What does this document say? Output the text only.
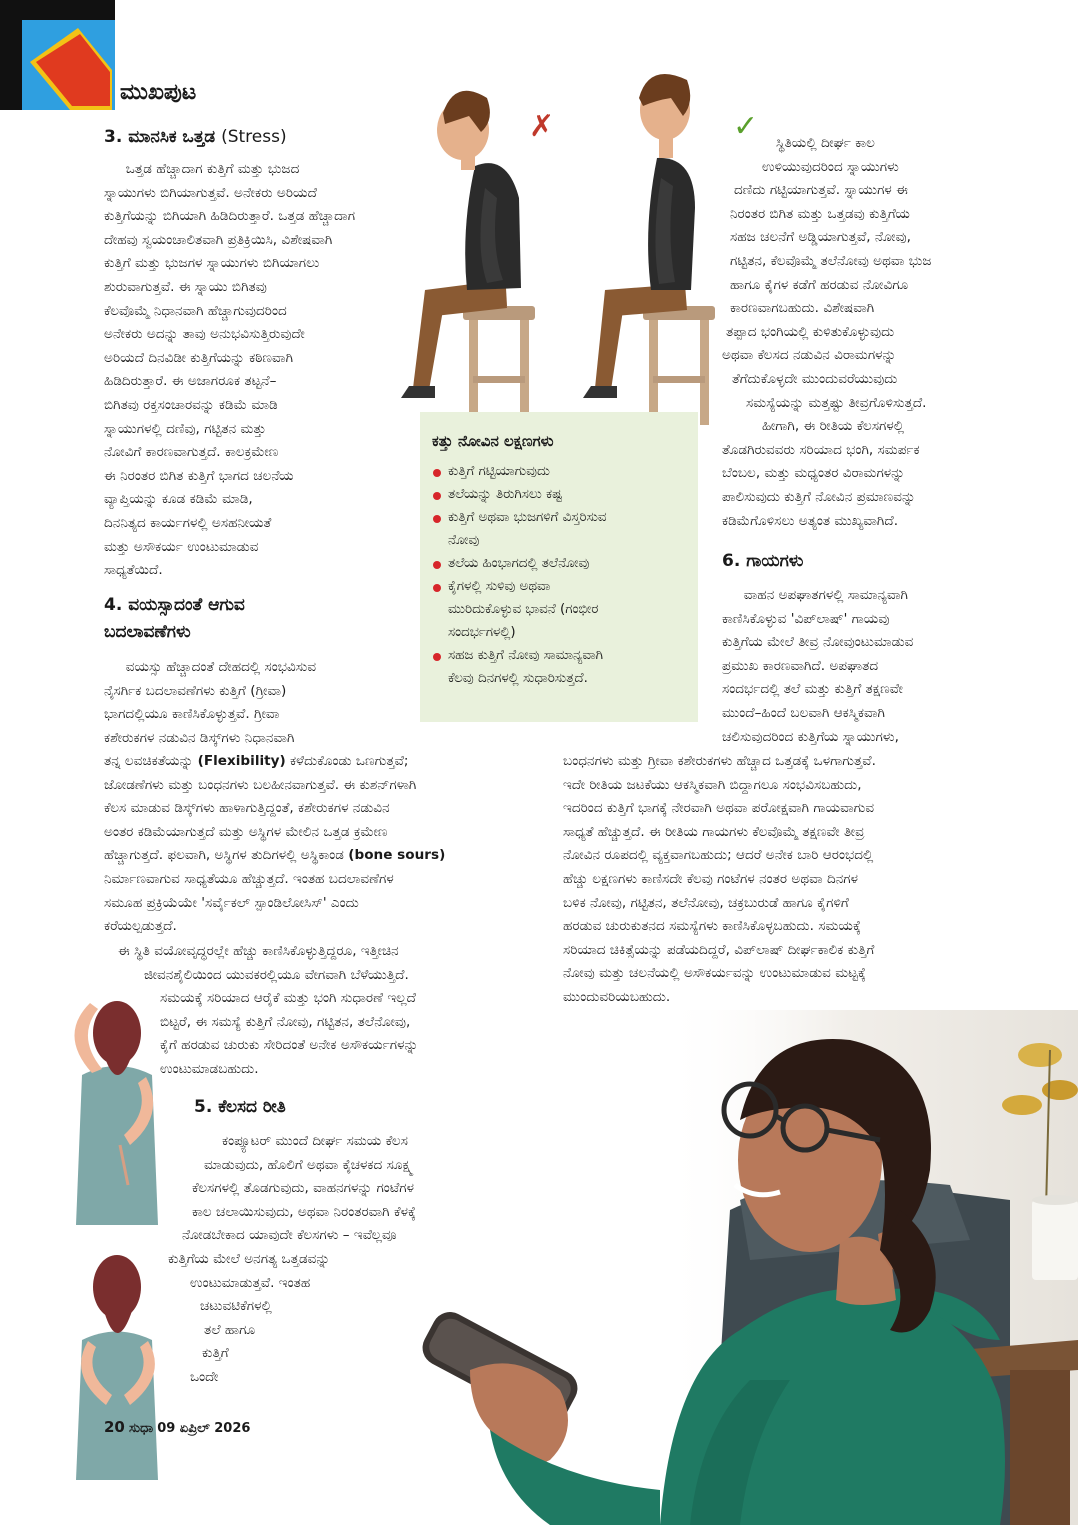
ಮುಖಪುಟ
✗	✓
3. ಮಾನಸಿಕ ಒತ್ತಡ (Stress)

ಒತ್ತಡ ಹೆಚ್ಚಾದಾಗ ಕುತ್ತಿಗೆ ಮತ್ತು ಭುಜದ

ಸ್ನಾಯುಗಳು ಬಿಗಿಯಾಗುತ್ತವೆ. ಅನೇಕರು ಅರಿಯದೆ

ಕುತ್ತಿಗೆಯನ್ನು ಬಿಗಿಯಾಗಿ ಹಿಡಿದಿರುತ್ತಾರೆ. ಒತ್ತಡ ಹೆಚ್ಚಾದಾಗ

ದೇಹವು ಸ್ವಯಂಚಾಲಿತವಾಗಿ ಪ್ರತಿಕ್ರಿಯಿಸಿ, ವಿಶೇಷವಾಗಿ

ಕುತ್ತಿಗೆ ಮತ್ತು ಭುಜಗಳ ಸ್ನಾಯುಗಳು ಬಿಗಿಯಾಗಲು

ಶುರುವಾಗುತ್ತವೆ. ಈ ಸ್ನಾಯು ಬಿಗಿತವು

ಕೆಲವೊಮ್ಮೆ ನಿಧಾನವಾಗಿ ಹೆಚ್ಚಾಗುವುದರಿಂದ

ಅನೇಕರು ಅದನ್ನು ತಾವು ಅನುಭವಿಸುತ್ತಿರುವುದೇ

ಅರಿಯದೆ ದಿನವಿಡೀ ಕುತ್ತಿಗೆಯನ್ನು ಕಠಿಣವಾಗಿ

ಹಿಡಿದಿರುತ್ತಾರೆ. ಈ ಅಜಾಗರೂಕ ತಟ್ಟನೆ–

ಬಿಗಿತವು ರಕ್ತಸಂಚಾರವನ್ನು ಕಡಿಮೆ ಮಾಡಿ

ಸ್ನಾಯುಗಳಲ್ಲಿ ದಣಿವು, ಗಟ್ಟಿತನ ಮತ್ತು

ನೋವಿಗೆ ಕಾರಣವಾಗುತ್ತದೆ. ಕಾಲಕ್ರಮೇಣ

ಈ ನಿರಂತರ ಬಿಗಿತ ಕುತ್ತಿಗೆ ಭಾಗದ ಚಲನೆಯ

ವ್ಯಾಪ್ತಿಯನ್ನು ಕೂಡ ಕಡಿಮೆ ಮಾಡಿ,

ದಿನನಿತ್ಯದ ಕಾರ್ಯಗಳಲ್ಲಿ ಅಸಹನೀಯತೆ

ಮತ್ತು ಅಸೌಕರ್ಯ ಉಂಟುಮಾಡುವ

ಸಾಧ್ಯತೆಯಿದೆ.

4. ವಯಸ್ಸಾದಂತೆ ಆಗುವ
ಬದಲಾವಣೆಗಳು

ವಯಸ್ಸು ಹೆಚ್ಚಾದಂತೆ ದೇಹದಲ್ಲಿ ಸಂಭವಿಸುವ

ನೈಸರ್ಗಿಕ ಬದಲಾವಣೆಗಳು ಕುತ್ತಿಗೆ (ಗ್ರೀವಾ)

ಭಾಗದಲ್ಲಿಯೂ ಕಾಣಿಸಿಕೊಳ್ಳುತ್ತವೆ. ಗ್ರೀವಾ

ಕಶೇರುಕಗಳ ನಡುವಿನ ಡಿಸ್ಕ್‌ಗಳು ನಿಧಾನವಾಗಿ

ತನ್ನ ಲವಚಿಕತೆಯನ್ನು (Flexibility) ಕಳೆದುಕೊಂಡು ಒಣಗುತ್ತವೆ;

ಜೋಡಣೆಗಳು ಮತ್ತು ಬಂಧನಗಳು ಬಲಹೀನವಾಗುತ್ತವೆ. ಈ ಕುಶನ್‌ಗಳಾಗಿ

ಕೆಲಸ ಮಾಡುವ ಡಿಸ್ಕ್‌ಗಳು ಹಾಳಾಗುತ್ತಿದ್ದಂತೆ, ಕಶೇರುಕಗಳ ನಡುವಿನ

ಅಂತರ ಕಡಿಮೆಯಾಗುತ್ತದೆ ಮತ್ತು ಅಸ್ಥಿಗಳ ಮೇಲಿನ ಒತ್ತಡ ಕ್ರಮೇಣ

ಹೆಚ್ಚಾಗುತ್ತದೆ. ಫಲವಾಗಿ, ಅಸ್ಥಿಗಳ ತುದಿಗಳಲ್ಲಿ ಅಸ್ಥಿಕಾಂಡ (bone sours)

ನಿರ್ಮಾಣವಾಗುವ ಸಾಧ್ಯತೆಯೂ ಹೆಚ್ಚುತ್ತದೆ. ಇಂತಹ ಬದಲಾವಣೆಗಳ

ಸಮೂಹ ಪ್ರಕ್ರಿಯೆಯೇ 'ಸರ್ವೈಕಲ್ ಸ್ಪಾಂಡಿಲೋಸಿಸ್' ಎಂದು

ಕರೆಯಲ್ಪಡುತ್ತದೆ.

ಈ ಸ್ಥಿತಿ ವಯೋವೃದ್ಧರಲ್ಲೇ ಹೆಚ್ಚು ಕಾಣಿಸಿಕೊಳ್ಳುತ್ತಿದ್ದರೂ, ಇತ್ತೀಚಿನ

ಜೀವನಶೈಲಿಯಿಂದ ಯುವಕರಲ್ಲಿಯೂ ವೇಗವಾಗಿ ಬೆಳೆಯುತ್ತಿದೆ.

ಸಮಯಕ್ಕೆ ಸರಿಯಾದ ಆರೈಕೆ ಮತ್ತು ಭಂಗಿ ಸುಧಾರಣೆ ಇಲ್ಲದೆ

ಬಿಟ್ಟರೆ, ಈ ಸಮಸ್ಯೆ ಕುತ್ತಿಗೆ ನೋವು, ಗಟ್ಟಿತನ, ತಲೆನೋವು,

ಕೈಗೆ ಹರಡುವ ಚುರುಕು ಸೇರಿದಂತೆ ಅನೇಕ ಅಸೌಕರ್ಯಗಳನ್ನು

ಉಂಟುಮಾಡಬಹುದು.

5. ಕೆಲಸದ ರೀತಿ

ಕಂಪ್ಯೂಟರ್ ಮುಂದೆ ದೀರ್ಘ ಸಮಯ ಕೆಲಸ

ಮಾಡುವುದು, ಹೊಲಿಗೆ ಅಥವಾ ಕೈಚಳಕದ ಸೂಕ್ಷ್ಮ

ಕೆಲಸಗಳಲ್ಲಿ ತೊಡಗುವುದು, ವಾಹನಗಳನ್ನು ಗಂಟೆಗಳ

ಕಾಲ ಚಲಾಯಿಸುವುದು, ಅಥವಾ ನಿರಂತರವಾಗಿ ಕೆಳಕ್ಕೆ

ನೋಡಬೇಕಾದ ಯಾವುದೇ ಕೆಲಸಗಳು – ಇವೆಲ್ಲವೂ

ಕುತ್ತಿಗೆಯ ಮೇಲೆ ಅನಗತ್ಯ ಒತ್ತಡವನ್ನು

ಉಂಟುಮಾಡುತ್ತವೆ. ಇಂತಹ

ಚಟುವಟಿಕೆಗಳಲ್ಲಿ

ತಲೆ ಹಾಗೂ

ಕುತ್ತಿಗೆ

ಒಂದೇ

ಕತ್ತು ನೋವಿನ ಲಕ್ಷಣಗಳು
ಕುತ್ತಿಗೆ ಗಟ್ಟಿಯಾಗುವುದು
ತಲೆಯನ್ನು ತಿರುಗಿಸಲು ಕಷ್ಟ
ಕುತ್ತಿಗೆ ಅಥವಾ ಭುಜಗಳಿಗೆ ವಿಸ್ತರಿಸುವ
ನೋವು
ತಲೆಯ ಹಿಂಭಾಗದಲ್ಲಿ ತಲೆನೋವು
ಕೈಗಳಲ್ಲಿ ಸುಳಿವು ಅಥವಾ
ಮುರಿದುಕೊಳ್ಳುವ ಭಾವನೆ (ಗಂಭೀರ
ಸಂದರ್ಭಗಳಲ್ಲಿ)
ಸಹಜ ಕುತ್ತಿಗೆ ನೋವು ಸಾಮಾನ್ಯವಾಗಿ
ಕೆಲವು ದಿನಗಳಲ್ಲಿ ಸುಧಾರಿಸುತ್ತದೆ.

ಸ್ಥಿತಿಯಲ್ಲಿ ದೀರ್ಘ ಕಾಲ

ಉಳಿಯುವುದರಿಂದ ಸ್ನಾಯುಗಳು

ದಣಿದು ಗಟ್ಟಿಯಾಗುತ್ತವೆ. ಸ್ನಾಯುಗಳ ಈ

ನಿರಂತರ ಬಿಗಿತ ಮತ್ತು ಒತ್ತಡವು ಕುತ್ತಿಗೆಯ

ಸಹಜ ಚಲನೆಗೆ ಅಡ್ಡಿಯಾಗುತ್ತವೆ, ನೋವು,

ಗಟ್ಟಿತನ, ಕೆಲವೊಮ್ಮೆ ತಲೆನೋವು ಅಥವಾ ಭುಜ

ಹಾಗೂ ಕೈಗಳ ಕಡೆಗೆ ಹರಡುವ ನೋವಿಗೂ

ಕಾರಣವಾಗಬಹುದು. ವಿಶೇಷವಾಗಿ

ತಪ್ಪಾದ ಭಂಗಿಯಲ್ಲಿ ಕುಳಿತುಕೊಳ್ಳುವುದು

ಅಥವಾ ಕೆಲಸದ ನಡುವಿನ ವಿರಾಮಗಳನ್ನು

ತೆಗೆದುಕೊಳ್ಳದೇ ಮುಂದುವರೆಯುವುದು

ಸಮಸ್ಯೆಯನ್ನು ಮತ್ತಷ್ಟು ತೀವ್ರಗೊಳಿಸುತ್ತದೆ.

ಹೀಗಾಗಿ, ಈ ರೀತಿಯ ಕೆಲಸಗಳಲ್ಲಿ

ತೊಡಗಿರುವವರು ಸರಿಯಾದ ಭಂಗಿ, ಸಮರ್ಪಕ

ಬೆಂಬಲ, ಮತ್ತು ಮಧ್ಯಂತರ ವಿರಾಮಗಳನ್ನು

ಪಾಲಿಸುವುದು ಕುತ್ತಿಗೆ ನೋವಿನ ಪ್ರಮಾಣವನ್ನು

ಕಡಿಮೆಗೊಳಿಸಲು ಅತ್ಯಂತ ಮುಖ್ಯವಾಗಿದೆ.

6. ಗಾಯಗಳು

ವಾಹನ ಅಪಘಾತಗಳಲ್ಲಿ ಸಾಮಾನ್ಯವಾಗಿ

ಕಾಣಿಸಿಕೊಳ್ಳುವ 'ವಿಪ್‌ಲಾಷ್' ಗಾಯವು

ಕುತ್ತಿಗೆಯ ಮೇಲೆ ತೀವ್ರ ನೋವುಂಟುಮಾಡುವ

ಪ್ರಮುಖ ಕಾರಣವಾಗಿದೆ. ಅಪಘಾತದ

ಸಂದರ್ಭದಲ್ಲಿ ತಲೆ ಮತ್ತು ಕುತ್ತಿಗೆ ತಕ್ಷಣವೇ

ಮುಂದೆ–ಹಿಂದೆ ಬಲವಾಗಿ ಆಕಸ್ಮಿಕವಾಗಿ

ಚಲಿಸುವುದರಿಂದ ಕುತ್ತಿಗೆಯ ಸ್ನಾಯುಗಳು,

ಬಂಧನಗಳು ಮತ್ತು ಗ್ರೀವಾ ಕಶೇರುಕಗಳು ಹೆಚ್ಚಾದ ಒತ್ತಡಕ್ಕೆ ಒಳಗಾಗುತ್ತವೆ.

ಇದೇ ರೀತಿಯ ಜಟಕೆಯು ಆಕಸ್ಮಿಕವಾಗಿ ಬಿದ್ದಾಗಲೂ ಸಂಭವಿಸಬಹುದು,

ಇದರಿಂದ ಕುತ್ತಿಗೆ ಭಾಗಕ್ಕೆ ನೇರವಾಗಿ ಅಥವಾ ಪರೋಕ್ಷವಾಗಿ ಗಾಯವಾಗುವ

ಸಾಧ್ಯತೆ ಹೆಚ್ಚುತ್ತದೆ. ಈ ರೀತಿಯ ಗಾಯಗಳು ಕೆಲವೊಮ್ಮೆ ತಕ್ಷಣವೇ ತೀವ್ರ

ನೋವಿನ ರೂಪದಲ್ಲಿ ವ್ಯಕ್ತವಾಗಬಹುದು; ಆದರೆ ಅನೇಕ ಬಾರಿ ಆರಂಭದಲ್ಲಿ

ಹೆಚ್ಚು ಲಕ್ಷಣಗಳು ಕಾಣಿಸದೇ ಕೆಲವು ಗಂಟೆಗಳ ನಂತರ ಅಥವಾ ದಿನಗಳ

ಬಳಿಕ ನೋವು, ಗಟ್ಟಿತನ, ತಲೆನೋವು, ಚಕ್ರಬುರುಡೆ ಹಾಗೂ ಕೈಗಳಿಗೆ

ಹರಡುವ ಚುರುಕುತನದ ಸಮಸ್ಯೆಗಳು ಕಾಣಿಸಿಕೊಳ್ಳಬಹುದು. ಸಮಯಕ್ಕೆ

ಸರಿಯಾದ ಚಿಕಿತ್ಸೆಯನ್ನು ಪಡೆಯದಿದ್ದರೆ, ವಿಪ್‌ಲಾಷ್ ದೀರ್ಘಕಾಲಿಕ ಕುತ್ತಿಗೆ

ನೋವು ಮತ್ತು ಚಲನೆಯಲ್ಲಿ ಅಸೌಕರ್ಯವನ್ನು ಉಂಟುಮಾಡುವ ಮಟ್ಟಕ್ಕೆ

ಮುಂದುವರಿಯಬಹುದು.

20 ಸುಧಾ 09 ಏಪ್ರಿಲ್ 2026
